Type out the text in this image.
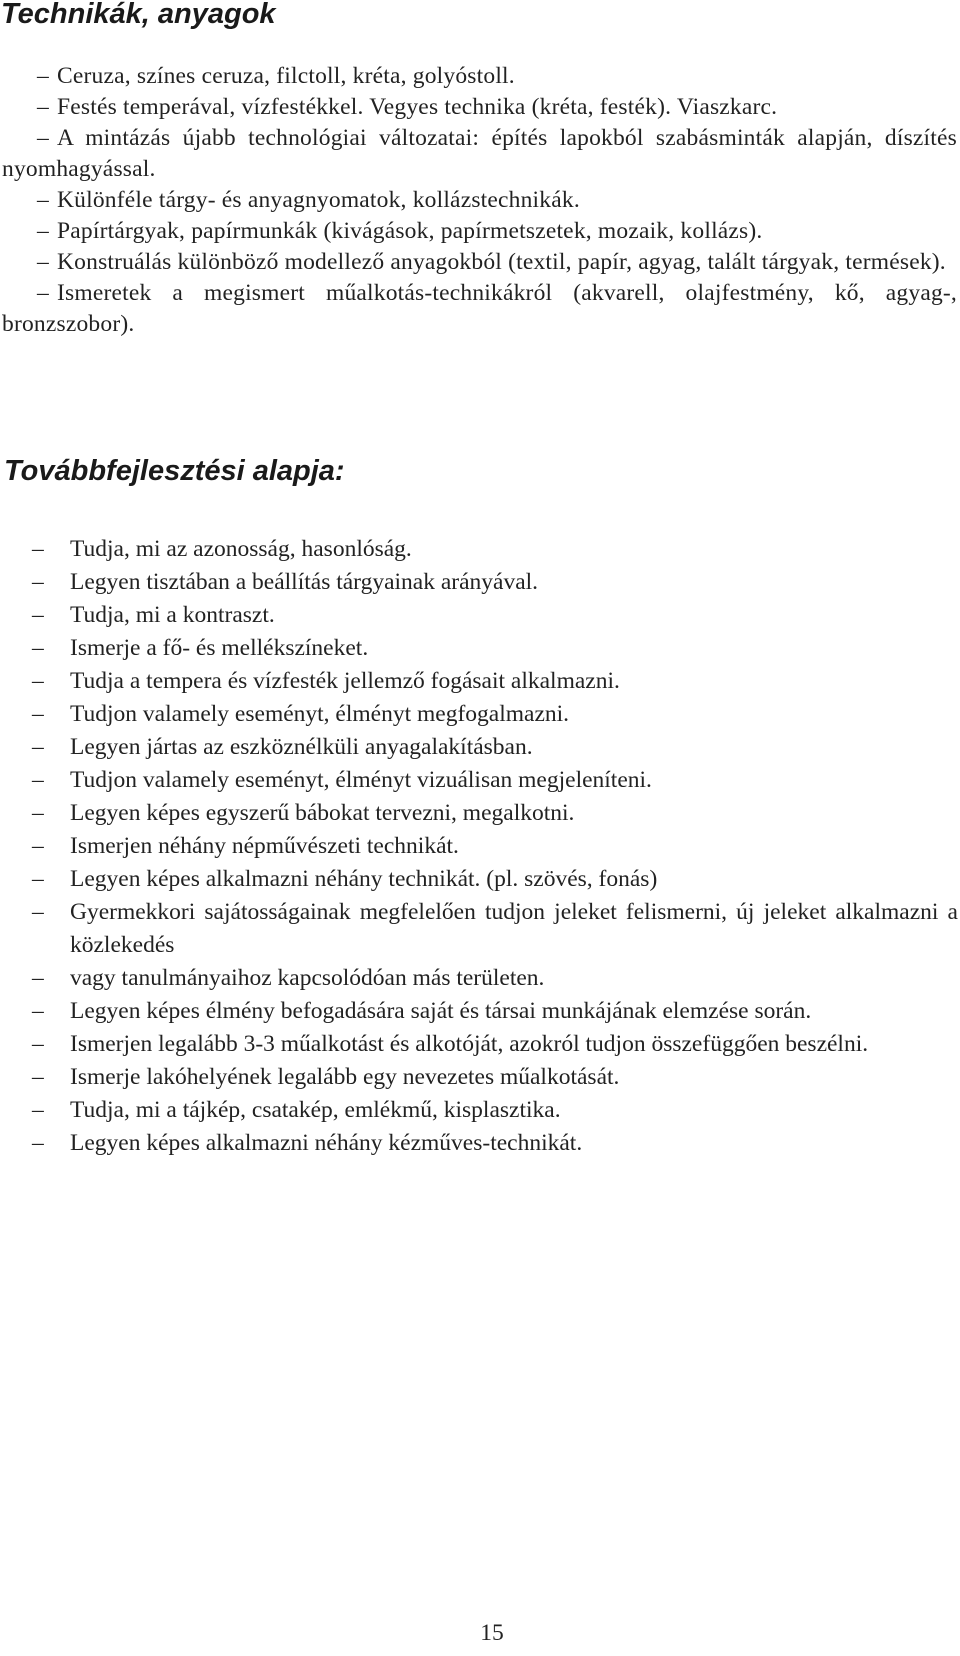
Technikák, anyagok
– Ceruza, színes ceruza, filctoll, kréta, golyóstoll.
– Festés temperával, vízfestékkel. Vegyes technika (kréta, festék). Viaszkarc.
– A mintázás újabb technológiai változatai: építés lapokból szabásminták alapján, díszítés nyomhagyással.
– Különféle tárgy- és anyagnyomatok, kollázstechnikák.
– Papírtárgyak, papírmunkák (kivágások, papírmetszetek, mozaik, kollázs).
– Konstruálás különböző modellező anyagokból (textil, papír, agyag, talált tárgyak, termések).
– Ismeretek a megismert műalkotás-technikákról (akvarell, olajfestmény, kő, agyag-, bronzszobor).
Továbbfejlesztési alapja:
– Tudja, mi az azonosság, hasonlóság.
– Legyen tisztában a beállítás tárgyainak arányával.
– Tudja, mi a kontraszt.
– Ismerje a fő- és mellékszíneket.
– Tudja a tempera és vízfesték jellemző fogásait alkalmazni.
– Tudjon valamely eseményt, élményt megfogalmazni.
– Legyen jártas az eszköznélküli anyagalakításban.
– Tudjon valamely eseményt, élményt vizuálisan megjeleníteni.
– Legyen képes egyszerű bábokat tervezni, megalkotni.
– Ismerjen néhány népművészeti technikát.
– Legyen képes alkalmazni néhány technikát. (pl. szövés, fonás)
– Gyermekkori sajátosságainak megfelelően tudjon jeleket felismerni, új jeleket alkalmazni a közlekedés
– vagy tanulmányaihoz kapcsolódóan más területen.
– Legyen képes élmény befogadására saját és társai munkájának elemzése során.
– Ismerjen legalább 3-3 műalkotást és alkotóját, azokról tudjon összefüggően beszélni.
– Ismerje lakóhelyének legalább egy nevezetes műalkotását.
– Tudja, mi a tájkép, csatakép, emlékmű, kisplasztika.
– Legyen képes alkalmazni néhány kézműves-technikát.
15
